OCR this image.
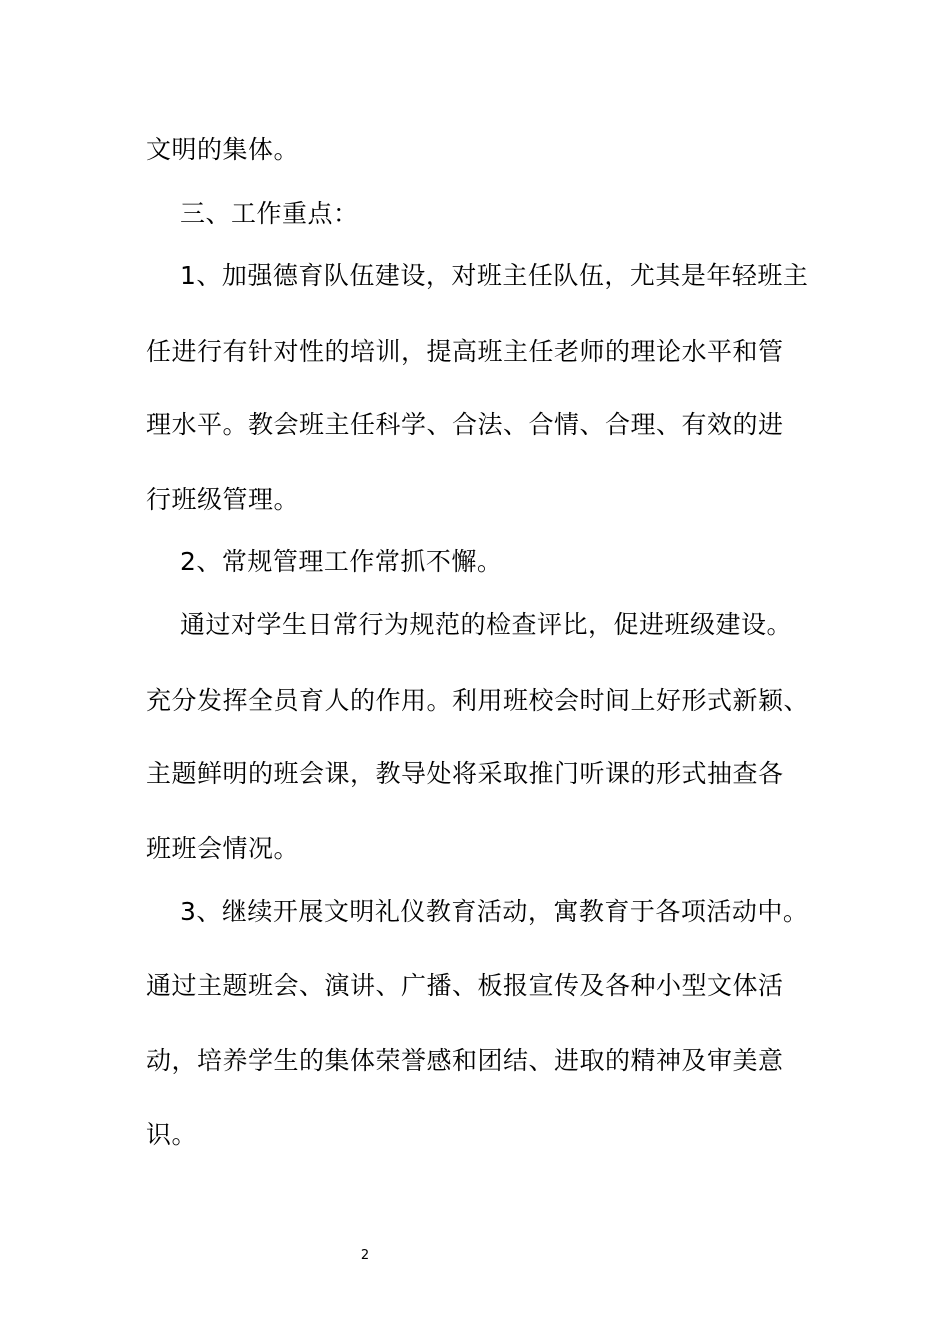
文明的集体。
三、工作重点：
1、加强德育队伍建设，对班主任队伍，尤其是年轻班主
任进行有针对性的培训，提高班主任老师的理论水平和管
理水平。教会班主任科学、合法、合情、合理、有效的进
行班级管理。
2、常规管理工作常抓不懈。
通过对学生日常行为规范的检查评比，促进班级建设。
充分发挥全员育人的作用。利用班校会时间上好形式新颖、
主题鲜明的班会课，教导处将采取推门听课的形式抽查各
班班会情况。
3、继续开展文明礼仪教育活动，寓教育于各项活动中。
通过主题班会、演讲、广播、板报宣传及各种小型文体活
动，培养学生的集体荣誉感和团结、进取的精神及审美意
识。
2
